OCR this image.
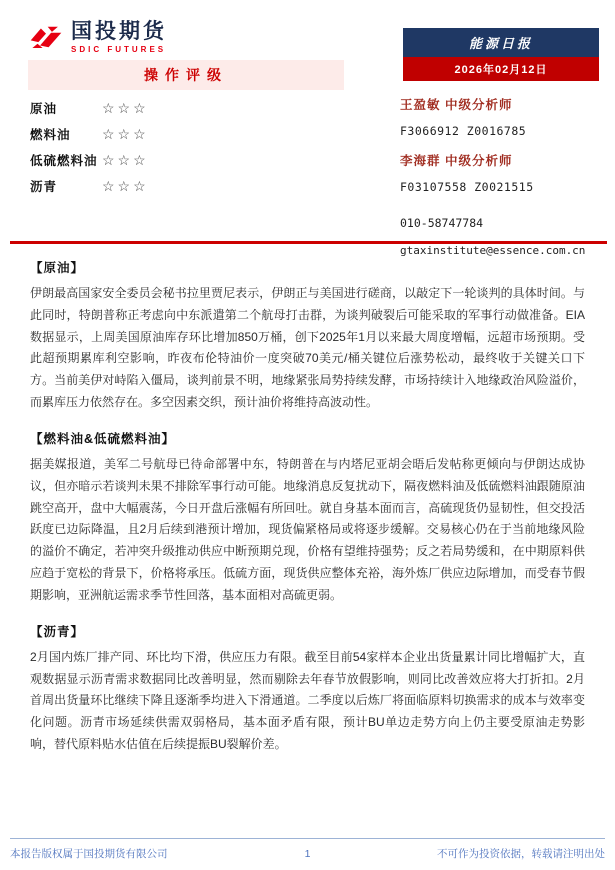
国投期货
SDIC FUTURES	能源日报
2026年02月12日
操作评级
原油	☆☆☆
燃料油	☆☆☆
低硫燃料油 ☆☆☆
沥青	☆☆☆
王盈敏 中级分析师
F3066912 Z0016785
李海群 中级分析师
F03107558 Z0021515
010-58747784
gtaxinstitute@essence.com.cn
【原油】

伊朗最高国家安全委员会秘书拉里贾尼表示，伊朗正与美国进行磋商，以敲定下一轮谈判的具体时间。与此同时，特朗普称正考虑向中东派遣第二个航母打击群，为谈判破裂后可能采取的军事行动做准备。EIA数据显示，上周美国原油库存环比增加850万桶，创下2025年1月以来最大周度增幅，远超市场预期。受此超预期累库利空影响，昨夜布伦特油价一度突破70美元/桶关键位后涨势松动，最终收于关键关口下方。当前美伊对峙陷入僵局，谈判前景不明，地缘紧张局势持续发酵，市场持续计入地缘政治风险溢价，而累库压力依然存在。多空因素交织，预计油价将维持高波动性。

【燃料油&低硫燃料油】

据美媒报道，美军二号航母已待命部署中东，特朗普在与内塔尼亚胡会晤后发帖称更倾向与伊朗达成协议，但亦暗示若谈判未果不排除军事行动可能。地缘消息反复扰动下，隔夜燃料油及低硫燃料油跟随原油跳空高开，盘中大幅震荡，今日开盘后涨幅有所回吐。就自身基本面而言，高硫现货仍显韧性，但交投活跃度已边际降温，且2月后续到港预计增加，现货偏紧格局或将逐步缓解。交易核心仍在于当前地缘风险的溢价不确定，若冲突升级推动供应中断预期兑现，价格有望维持强势；反之若局势缓和，在中期原料供应趋于宽松的背景下，价格将承压。低硫方面，现货供应整体充裕，海外炼厂供应边际增加，而受春节假期影响，亚洲航运需求季节性回落，基本面相对高硫更弱。

【沥青】

2月国内炼厂排产同、环比均下滑，供应压力有限。截至目前54家样本企业出货量累计同比增幅扩大，直观数据显示沥青需求数据同比改善明显，然而剔除去年春节放假影响，则同比改善效应将大打折扣。2月首周出货量环比继续下降且逐渐季均进入下滑通道。二季度以后炼厂将面临原料切换需求的成本与效率变化问题。沥青市场延续供需双弱格局，基本面矛盾有限，预计BU单边走势方向上仍主要受原油走势影响，替代原料贴水估值在后续提振BU裂解价差。

本报告版权属于国投期货有限公司	1	不可作为投资依据，转载请注明出处
